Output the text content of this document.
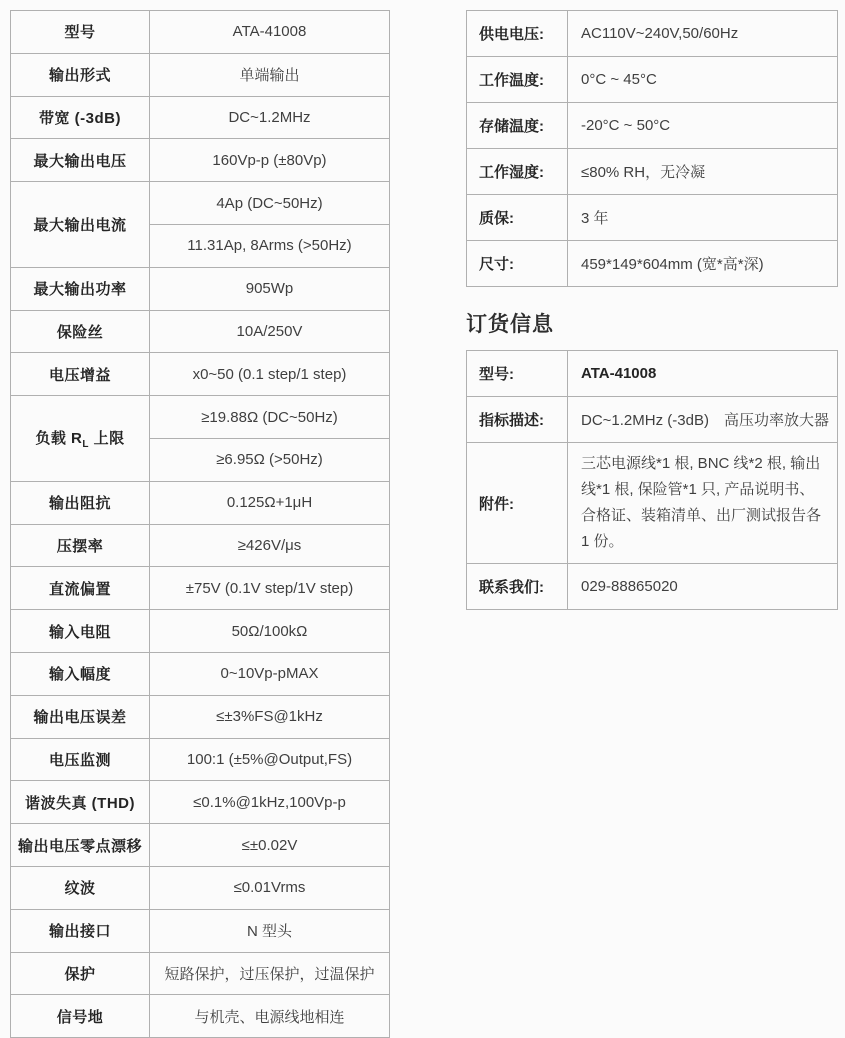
型号	ATA-41008
输出形式	单端输出
带宽 (-3dB)	DC~1.2MHz
最大输出电压	160Vp-p (±80Vp)
最大输出电流	4Ap (DC~50Hz)
	11.31Ap, 8Arms (>50Hz)
最大输出功率	905Wp
保险丝	10A/250V
电压增益	x0~50 (0.1 step/1 step)
负载 $R_L$ 上限	≥19.88Ω (DC~50Hz)
	≥6.95Ω (>50Hz)
输出阻抗	0.125Ω+1μH
压摆率	≥426V/μs
直流偏置	±75V (0.1V step/1V step)
输入电阻	50Ω/100kΩ
输入幅度	0~10Vp-pMAX
输出电压误差	≤±3%FS@1kHz
电压监测	100:1 (±5%@Output,FS)
谐波失真 (THD)	≤0.1%@1kHz,100Vp-p
输出电压零点漂移	≤±0.02V
纹波	≤0.01Vrms
输出接口	N 型头
保护	短路保护，过压保护，过温保护
信号地	与机壳、电源线地相连
供电电压:	AC110V~240V,50/60Hz
工作温度:	0°C ~ 45°C
存储温度:	-20°C ~ 50°C
工作湿度:	≤80% RH，无冷凝
质保:	3 年
尺寸:	459*149*604mm (宽*高*深)
订货信息
型号:	ATA-41008
指标描述:	DC~1.2MHz (-3dB)　高压功率放大器
附件:	三芯电源线*1 根, BNC 线*2 根, 输出线*1 根, 保险管*1 只, 产品说明书、合格证、装箱清单、出厂测试报告各 1 份。
联系我们:	029-88865020
